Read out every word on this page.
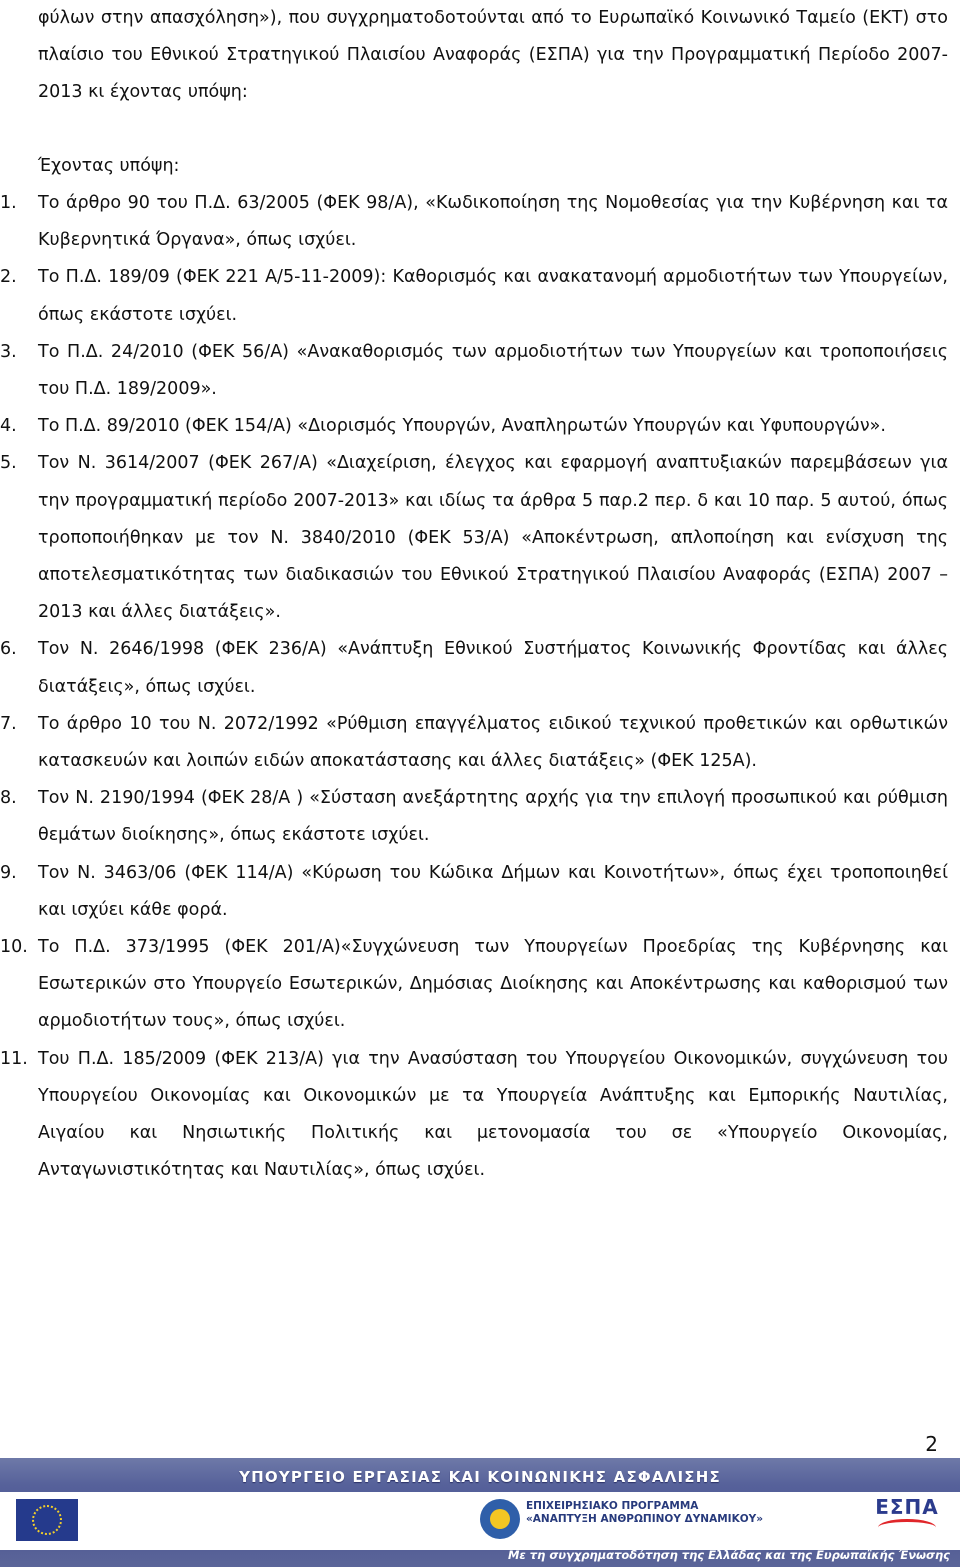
φύλων στην απασχόληση»), που συγχρηματοδοτούνται από το Ευρωπαϊκό Κοινωνικό Ταμείο (ΕΚΤ) στο πλαίσιο του Εθνικού Στρατηγικού Πλαισίου Αναφοράς (ΕΣΠΑ) για την Προγραμματική Περίοδο 2007-2013 κι έχοντας υπόψη:
Έχοντας υπόψη:
1.	Το άρθρο 90 του Π.Δ. 63/2005 (ΦΕΚ 98/Α), «Κωδικοποίηση της Νομοθεσίας για την Κυβέρνηση και τα Κυβερνητικά Όργανα», όπως ισχύει.
2.	Το Π.Δ. 189/09 (ΦΕΚ 221 Α/5-11-2009): Καθορισμός και ανακατανομή αρμοδιοτήτων των Υπουργείων, όπως εκάστοτε ισχύει.
3.	Το Π.Δ. 24/2010 (ΦΕΚ 56/Α) «Ανακαθορισμός των αρμοδιοτήτων των Υπουργείων και τροποποιήσεις του Π.Δ. 189/2009».
4.	Το Π.Δ. 89/2010 (ΦΕΚ 154/Α) «Διορισμός Υπουργών, Αναπληρωτών Υπουργών και Υφυπουργών».
5.	Τον Ν. 3614/2007 (ΦΕΚ 267/Α) «Διαχείριση, έλεγχος και εφαρμογή αναπτυξιακών παρεμβάσεων για την προγραμματική περίοδο 2007-2013» και ιδίως τα άρθρα 5 παρ.2 περ. δ και 10 παρ. 5 αυτού, όπως τροποποιήθηκαν με τον Ν. 3840/2010 (ΦΕΚ 53/Α) «Αποκέντρωση, απλοποίηση και ενίσχυση της αποτελεσματικότητας των διαδικασιών του Εθνικού Στρατηγικού Πλαισίου Αναφοράς (ΕΣΠΑ) 2007 – 2013 και άλλες διατάξεις».
6.	Τον Ν. 2646/1998 (ΦΕΚ 236/Α) «Ανάπτυξη Εθνικού Συστήματος Κοινωνικής Φροντίδας και άλλες διατάξεις», όπως ισχύει.
7.	Το άρθρο 10 του Ν. 2072/1992 «Ρύθμιση επαγγέλματος ειδικού τεχνικού προθετικών και ορθωτικών κατασκευών και λοιπών ειδών αποκατάστασης και άλλες διατάξεις» (ΦΕΚ 125Α).
8.	Τον Ν. 2190/1994 (ΦΕΚ 28/Α ) «Σύσταση ανεξάρτητης αρχής για την επιλογή προσωπικού και ρύθμιση θεμάτων διοίκησης», όπως εκάστοτε ισχύει.
9.	Τον Ν. 3463/06 (ΦΕΚ 114/Α) «Κύρωση του Κώδικα Δήμων και Κοινοτήτων», όπως έχει τροποποιηθεί και ισχύει κάθε φορά.
10. Το Π.Δ. 373/1995 (ΦΕΚ 201/Α)«Συγχώνευση των Υπουργείων Προεδρίας της Κυβέρνησης και Εσωτερικών στο Υπουργείο Εσωτερικών, Δημόσιας Διοίκησης και Αποκέντρωσης και καθορισμού των αρμοδιοτήτων τους», όπως ισχύει.
11. Του Π.Δ. 185/2009 (ΦΕΚ 213/Α) για την Ανασύσταση του Υπουργείου Οικονομικών, συγχώνευση του Υπουργείου Οικονομίας και Οικονομικών με τα Υπουργεία Ανάπτυξης και Εμπορικής Ναυτιλίας, Αιγαίου και Νησιωτικής Πολιτικής και μετονομασία του σε «Υπουργείο Οικονομίας, Ανταγωνιστικότητας και Ναυτιλίας», όπως ισχύει.
2
ΥΠΟΥΡΓΕΙΟ ΕΡΓΑΣΙΑΣ ΚΑΙ ΚΟΙΝΩΝΙΚΗΣ ΑΣΦΑΛΙΣΗΣ
ΕΠΙΧΕΙΡΗΣΙΑΚΟ ΠΡΟΓΡΑΜΜΑ
«ΑΝΑΠΤΥΞΗ ΑΝΘΡΩΠΙΝΟΥ ΔΥΝΑΜΙΚΟΥ»	ΕΣΠΑ
Με τη συγχρηματοδότηση της Ελλάδας και της Ευρωπαϊκής Ένωσης
